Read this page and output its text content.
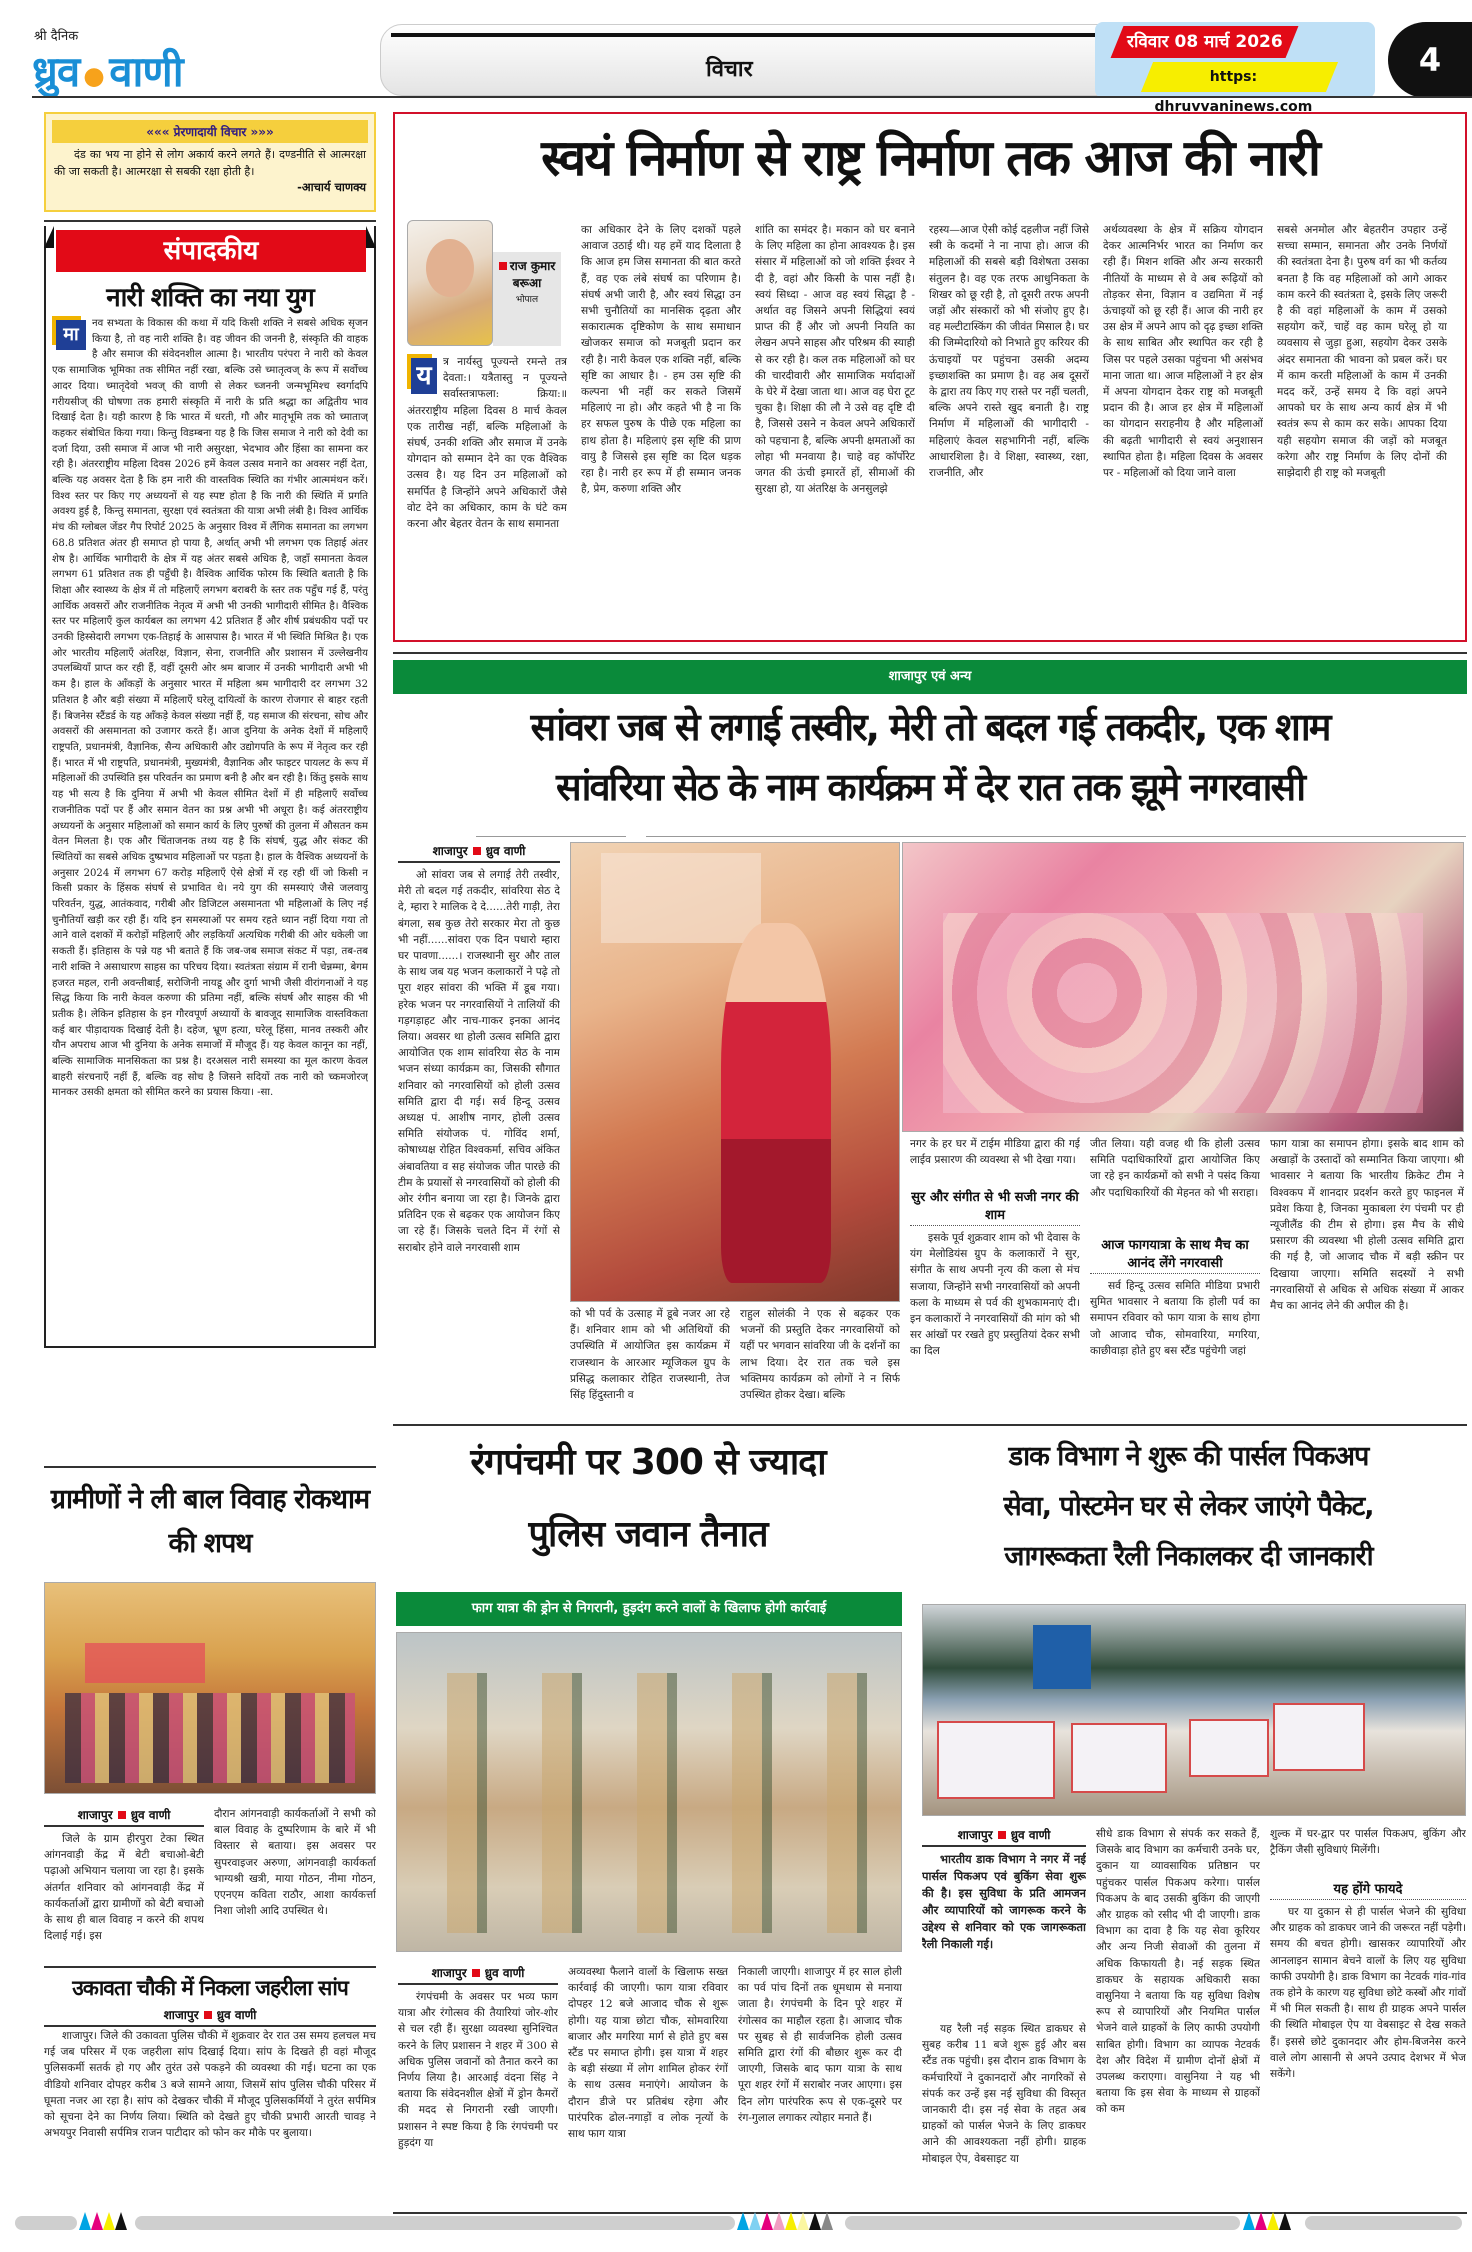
श्री दैनिक
ध्रुव वाणी	विचार
रविवार 08 मार्च 2026
https: dhruvvaninews.com
4
««« प्रेरणादायी विचार »»»
दंड का भय ना होने से लोग अकार्य करने लगते हैं। दण्डनीति से आत्मरक्षा की जा सकती है। आत्मरक्षा से सबकी रक्षा होती है।
-आचार्य चाणक्य
संपादकीय
नारी शक्ति का नया युग
मा
नव सभ्यता के विकास की कथा में यदि किसी शक्ति ने सबसे अधिक सृजन किया है, तो वह नारी शक्ति है। वह जीवन की जननी है, संस्कृति की वाहक है और समाज की संवेदनशील आत्मा है। भारतीय परंपरा ने नारी को केवल एक सामाजिक भूमिका तक सीमित नहीं रखा, बल्कि उसे च्मातृत्वज् के रूप में सर्वोच्च आदर दिया। च्मातृदेवो भवज् की वाणी से लेकर च्जननी जन्मभूमिश्च स्वर्गादपि गरीयसीज् की घोषणा तक हमारी संस्कृति में नारी के प्रति श्रद्धा का अद्वितीय भाव दिखाई देता है। यही कारण है कि भारत में धरती, गौ और मातृभूमि तक को च्माताज् कहकर संबोधित किया गया। किन्तु विडम्बना यह है कि जिस समाज ने नारी को देवी का दर्जा दिया, उसी समाज में आज भी नारी असुरक्षा, भेदभाव और हिंसा का सामना कर रही है। अंतरराष्ट्रीय महिला दिवस 2026 हमें केवल उत्सव मनाने का अवसर नहीं देता, बल्कि यह अवसर देता है कि हम नारी की वास्तविक स्थिति का गंभीर आत्ममंथन करें। विश्व स्तर पर किए गए अध्ययनों से यह स्पष्ट होता है कि नारी की स्थिति में प्रगति अवश्य हुई है, किन्तु समानता, सुरक्षा एवं स्वतंत्रता की यात्रा अभी लंबी है। विश्व आर्थिक मंच की ग्लोबल जेंडर गैप रिपोर्ट 2025 के अनुसार विश्व में लैंगिक समानता का लगभग 68.8 प्रतिशत अंतर ही समाप्त हो पाया है, अर्थात् अभी भी लगभग एक तिहाई अंतर शेष है। आर्थिक भागीदारी के क्षेत्र में यह अंतर सबसे अधिक है, जहाँ समानता केवल लगभग 61 प्रतिशत तक ही पहुँची है। वैश्विक आर्थिक फोरम कि स्थिति बताती है कि शिक्षा और स्वास्थ्य के क्षेत्र में तो महिलाएँ लगभग बराबरी के स्तर तक पहुँच गई हैं, परंतु आर्थिक अवसरों और राजनीतिक नेतृत्व में अभी भी उनकी भागीदारी सीमित है। वैश्विक स्तर पर महिलाएँ कुल कार्यबल का लगभग 42 प्रतिशत हैं और शीर्ष प्रबंधकीय पदों पर उनकी हिस्सेदारी लगभग एक-तिहाई के आसपास है। भारत में भी स्थिति मिश्रित है। एक ओर भारतीय महिलाएँ अंतरिक्ष, विज्ञान, सेना, राजनीति और प्रशासन में उल्लेखनीय उपलब्धियाँ प्राप्त कर रही हैं, वहीं दूसरी ओर श्रम बाजार में उनकी भागीदारी अभी भी कम है। हाल के आँकड़ों के अनुसार भारत में महिला श्रम भागीदारी दर लगभग 32 प्रतिशत है और बड़ी संख्या में महिलाएँ घरेलू दायित्वों के कारण रोजगार से बाहर रहती हैं। बिजनेस स्टैंडर्ड के यह आँकड़े केवल संख्या नहीं हैं, यह समाज की संरचना, सोच और अवसरों की असमानता को उजागर करते हैं। आज दुनिया के अनेक देशों में महिलाएँ राष्ट्रपति, प्रधानमंत्री, वैज्ञानिक, सैन्य अधिकारी और उद्योगपति के रूप में नेतृत्व कर रही हैं। भारत में भी राष्ट्रपति, प्रधानमंत्री, मुख्यमंत्री, वैज्ञानिक और फाइटर पायलट के रूप में महिलाओं की उपस्थिति इस परिवर्तन का प्रमाण बनी है और बन रही है। किंतु इसके साथ यह भी सत्य है कि दुनिया में अभी भी केवल सीमित देशों में ही महिलाएँ सर्वोच्च राजनीतिक पदों पर हैं और समान वेतन का प्रश्न अभी भी अधूरा है। कई अंतरराष्ट्रीय अध्ययनों के अनुसार महिलाओं को समान कार्य के लिए पुरुषों की तुलना में औसतन कम वेतन मिलता है। एक और चिंताजनक तथ्य यह है कि संघर्ष, युद्ध और संकट की स्थितियों का सबसे अधिक दुष्प्रभाव महिलाओं पर पड़ता है। हाल के वैश्विक अध्ययनों के अनुसार 2024 में लगभग 67 करोड़ महिलाएँ ऐसे क्षेत्रों में रह रही थीं जो किसी न किसी प्रकार के हिंसक संघर्ष से प्रभावित थे। नये युग की समस्याएं जैसे जलवायु परिवर्तन, युद्ध, आतंकवाद, गरीबी और डिजिटल असमानता भी महिलाओं के लिए नई चुनौतियाँ खड़ी कर रही हैं। यदि इन समस्याओं पर समय रहते ध्यान नहीं दिया गया तो आने वाले दशकों में करोड़ों महिलाएँ और लड़कियाँ अत्यधिक गरीबी की ओर धकेली जा सकती हैं। इतिहास के पन्ने यह भी बताते हैं कि जब-जब समाज संकट में पड़ा, तब-तब नारी शक्ति ने असाधारण साहस का परिचय दिया। स्वतंत्रता संग्राम में रानी चेन्नम्मा, बेगम हजरत महल, रानी अवन्तीबाई, सरोजिनी नायडू और दुर्गा भाभी जैसी वीरांगनाओं ने यह सिद्ध किया कि नारी केवल करुणा की प्रतिमा नहीं, बल्कि संघर्ष और साहस की भी प्रतीक है। लेकिन इतिहास के इन गौरवपूर्ण अध्यायों के बावजूद सामाजिक वास्तविकता कई बार पीड़ादायक दिखाई देती है। दहेज, भ्रूण हत्या, घरेलू हिंसा, मानव तस्करी और यौन अपराध आज भी दुनिया के अनेक समाजों में मौजूद हैं। यह केवल कानून का नहीं, बल्कि सामाजिक मानसिकता का प्रश्न है। दरअसल नारी समस्या का मूल कारण केवल बाहरी संरचनाएँ नहीं हैं, बल्कि वह सोच है जिसने सदियों तक नारी को च्कमजोरज् मानकर उसकी क्षमता को सीमित करने का प्रयास किया। -सा.
ग्रामीणों ने ली बाल विवाह रोकथाम की शपथ
शाजापुर ध्रुव वाणी

जिले के ग्राम हीरपुरा टेका स्थित आंगनवाड़ी केंद्र में बेटी बचाओ-बेटी पढ़ाओ अभियान चलाया जा रहा है। इसके अंतर्गत शनिवार को आंगनवाड़ी केंद्र में कार्यकर्ताओं द्वारा ग्रामीणों को बेटी बचाओ के साथ ही बाल विवाह न करने की शपथ दिलाई गई। इस

दौरान आंगनवाड़ी कार्यकर्ताओं ने सभी को बाल विवाह के दुष्परिणाम के बारे में भी विस्तार से बताया। इस अवसर पर सुपरवाइजर अरुणा, आंगनवाड़ी कार्यकर्ता भाग्यश्री खत्री, माया गोठन, नीमा गोठन, एएनएम कविता राठौर, आशा कार्यकर्त्ता निशा जोशी आदि उपस्थित थे।

उकावता चौकी में निकला जहरीला सांप
शाजापुर ध्रुव वाणी

शाजापुर। जिले की उकावता पुलिस चौकी में शुक्रवार देर रात उस समय हलचल मच गई जब परिसर में एक जहरीला सांप दिखाई दिया। सांप के दिखते ही वहां मौजूद पुलिसकर्मी सतर्क हो गए और तुरंत उसे पकड़ने की व्यवस्था की गई। घटना का एक वीडियो शनिवार दोपहर करीब 3 बजे सामने आया, जिसमें सांप पुलिस चौकी परिसर में घूमता नजर आ रहा है। सांप को देखकर चौकी में मौजूद पुलिसकर्मियों ने तुरंत सर्पमित्र को सूचना देने का निर्णय लिया। स्थिति को देखते हुए चौकी प्रभारी आरती चावड़ ने अभयपुर निवासी सर्पमित्र राजन पाटीदार को फोन कर मौके पर बुलाया।

स्वयं निर्माण से राष्ट्र निर्माण तक आज की नारी
राज कुमार बरूआ
भोपाल
य	त्र नार्यस्तु पूज्यन्ते रमन्ते तत्र देवता:। यत्रैतास्तु न पूज्यन्ते सर्वास्तत्राफला: क्रिया:॥ अंतरराष्ट्रीय महिला दिवस 8 मार्च केवल एक तारीख नहीं, बल्कि महिलाओं के संघर्ष, उनकी शक्ति और समाज में उनके योगदान को सम्मान देने का एक वैश्विक उत्सव है। यह दिन उन महिलाओं को समर्पित है जिन्होंने अपने अधिकारों जैसे वोट देने का अधिकार, काम के घंटे कम करना और बेहतर वेतन के साथ समानता

का अधिकार देने के लिए दशकों पहले आवाज उठाई थी। यह हमें याद दिलाता है कि आज हम जिस समानता की बात करते हैं, वह एक लंबे संघर्ष का परिणाम है। संघर्ष अभी जारी है, और स्वयं सिद्धा उन सभी चुनौतियों का मानसिक दृढ़ता और सकारात्मक दृष्टिकोण के साथ समाधान खोजकर समाज को मजबूती प्रदान कर रही है। नारी केवल एक शक्ति नहीं, बल्कि सृष्टि का आधार है। - हम उस सृष्टि की कल्पना भी नहीं कर सकते जिसमें महिलाएं ना हो। और कहते भी है ना कि हर सफल पुरुष के पीछे एक महिला का हाथ होता है। महिलाएं इस सृष्टि की प्राण वायु है जिससे इस सृष्टि का दिल धड़क रहा है। नारी हर रूप में ही सम्मान जनक है, प्रेम, करुणा शक्ति और

शांति का समंदर है। मकान को घर बनाने के लिए महिला का होना आवश्यक है। इस संसार में महिलाओं को जो शक्ति ईश्वर ने दी है, वहां और किसी के पास नहीं है। स्वयं सिध्दा - आज वह स्वयं सिद्धा है - अर्थात वह जिसने अपनी सिद्धियां स्वयं प्राप्त की हैं और जो अपनी नियति का लेखन अपने साहस और परिश्रम की स्याही से कर रही है। कल तक महिलाओं को घर की चारदीवारी और सामाजिक मर्यादाओं के घेरे में देखा जाता था। आज वह घेरा टूट चुका है। शिक्षा की लौ ने उसे वह दृष्टि दी है, जिससे उसने न केवल अपने अधिकारों को पहचाना है, बल्कि अपनी क्षमताओं का लोहा भी मनवाया है। चाहे वह कॉर्पोरेट जगत की ऊंची इमारतें हों, सीमाओं की सुरक्षा हो, या अंतरिक्ष के अनसुलझे

रहस्य—आज ऐसी कोई दहलीज नहीं जिसे स्त्री के कदमों ने ना नापा हो। आज की महिलाओं की सबसे बड़ी विशेषता उसका संतुलन है। वह एक तरफ आधुनिकता के शिखर को छू रही है, तो दूसरी तरफ अपनी जड़ों और संस्कारों को भी संजोए हुए है। वह मल्टीटास्किंग की जीवंत मिसाल है। घर की जिम्मेदारियो को निभाते हुए करियर की ऊंचाइयों पर पहुंचना उसकी अदम्य इच्छाशक्ति का प्रमाण है। वह अब दूसरों के द्वारा तय किए गए रास्ते पर नहीं चलती, बल्कि अपने रास्ते खुद बनाती है। राष्ट्र निर्माण में महिलाओं की भागीदारी - महिलाएं केवल सहभागिनी नहीं, बल्कि आधारशिला है। वे शिक्षा, स्वास्थ्य, रक्षा, राजनीति, और

अर्थव्यवस्था के क्षेत्र में सक्रिय योगदान देकर आत्मनिर्भर भारत का निर्माण कर रही हैं। मिशन शक्ति और अन्य सरकारी नीतियों के माध्यम से वे अब रूढ़ियों को तोड़कर सेना, विज्ञान व उद्यमिता में नई ऊंचाइयों को छू रही हैं। आज की नारी हर उस क्षेत्र में अपने आप को दृढ़ इच्छा शक्ति के साथ साबित और स्थापित कर रही है जिस पर पहले उसका पहुंचना भी असंभव माना जाता था। आज महिलाओं ने हर क्षेत्र में अपना योगदान देकर राष्ट्र को मजबूती प्रदान की है। आज हर क्षेत्र में महिलाओं का योगदान सराहनीय है और महिलाओं की बढ़ती भागीदारी से स्वयं अनुशासन स्थापित होता है। महिला दिवस के अवसर पर - महिलाओं को दिया जाने वाला

सबसे अनमोल और बेहतरीन उपहार उन्हें सच्चा सम्मान, समानता और उनके निर्णयों की स्वतंत्रता देना है। पुरुष वर्ग का भी कर्तव्य बनता है कि वह महिलाओं को आगे आकर काम करने की स्वतंत्रता दे, इसके लिए जरूरी है की वहां महिलाओं के काम में उसको सहयोग करें, चाहें वह काम घरेलू हो या व्यवसाय से जुड़ा हुआ, सहयोग देकर उसके अंदर समानता की भावना को प्रबल करें। घर में काम करती महिलाओं के काम में उनकी मदद करें, उन्हें समय दे कि वहां अपने आपको घर के साथ अन्य कार्य क्षेत्र में भी स्वतंत्र रूप से काम कर सके। आपका दिया यही सहयोग समाज की जड़ों को मजबूत करेगा और राष्ट्र निर्माण के लिए दोनों की साझेदारी ही राष्ट्र को मजबूती

शाजापुर एवं अन्य
सांवरा जब से लगाई तस्वीर, मेरी तो बदल गई तकदीर, एक शाम
सांवरिया सेठ के नाम कार्यक्रम में देर रात तक झूमे नगरवासी
शाजापुर ध्रुव वाणी

ओ सांवरा जब से लगाई तेरी तस्वीर, मेरी तो बदल गई तकदीर, सांवरिया सेठ दे दे, म्हारा रे मालिक दे दे......तेरी गाड़ी, तेरा बंगला, सब कुछ तेरो सरकार मेरा तो कुछ भी नहीं......सांवरा एक दिन पधारो म्हारा घर पावणा......। राजस्थानी सुर और ताल के साथ जब यह भजन कलाकारों ने पढ़े तो पूरा शहर सांवरा की भक्ति में डूब गया। हरेक भजन पर नगरवासियों ने तालियों की गड़गड़ाहट और नाच-गाकर इनका आनंद लिया। अवसर था होली उत्सव समिति द्वारा आयोजित एक शाम सांवरिया सेठ के नाम भजन संध्या कार्यक्रम का, जिसकी सौगात शनिवार को नगरवासियों को होली उत्सव समिति द्वारा दी गई। सर्व हिन्दू उत्सव अध्यक्ष पं. आशीष नागर, होली उत्सव समिति संयोजक पं. गोविंद शर्मा, कोषाध्यक्ष रोहित विश्वकर्मा, सचिव अंकित अंबावतिया व सह संयोजक जीत पारछे की टीम के प्रयासों से नगरवासियों को होली की ओर रंगीन बनाया जा रहा है। जिनके द्वारा प्रतिदिन एक से बढ़कर एक आयोजन किए जा रहे हैं। जिसके चलते दिन में रंगों से सराबोर होने वाले नगरवासी शाम

को भी पर्व के उत्साह में डूबे नजर आ रहे हैं। शनिवार शाम को भी अतिथियों की उपस्थिति में आयोजित इस कार्यक्रम में राजस्थान के आरआर म्यूजिकल ग्रुप के प्रसिद्ध कलाकार रोहित राजस्थानी, तेज सिंह हिंदुस्तानी व

राहुल सोलंकी ने एक से बढ़कर एक भजनों की प्रस्तुति देकर नगरवासियों को यहीं पर भगवान सांवरिया जी के दर्शनों का लाभ दिया। देर रात तक चले इस भक्तिमय कार्यक्रम को लोगों ने न सिर्फ उपस्थित होकर देखा। बल्कि

नगर के हर घर में टाईम मीडिया द्वारा की गई लाईव प्रसारण की व्यवस्था से भी देखा गया।
सुर और संगीत से भी सजी नगर की शाम

इसके पूर्व शुक्रवार शाम को भी देवास के यंग मेलोडियंस ग्रुप के कलाकारों ने सुर, संगीत के साथ अपनी नृत्य की कला से मंच सजाया, जिन्होंने सभी नगरवासियों को अपनी कला के माध्यम से पर्व की शुभकामनाएं दी। इन कलाकारों ने नगरवासियों की मांग को भी सर आंखों पर रखते हुए प्रस्तुतियां देकर सभी का दिल

जीत लिया। यही वजह थी कि होली उत्सव समिति पदाधिकारियों द्वारा आयोजित किए जा रहे इन कार्यक्रमों को सभी ने पसंद किया और पदाधिकारियों की मेहनत को भी सराहा।
आज फागयात्रा के साथ मैच का आनंद लेंगे नगरवासी

सर्व हिन्दू उत्सव समिति मीडिया प्रभारी सुमित भावसार ने बताया कि होली पर्व का समापन रविवार को फाग यात्रा के साथ होगा जो आजाद चौक, सोमवारिया, मगरिया, काछीवाड़ा होते हुए बस स्टैंड पहुंचेगी जहां

फाग यात्रा का समापन होगा। इसके बाद शाम को अखाड़ों के उस्तादों को सम्मानित किया जाएगा। श्री भावसार ने बताया कि भारतीय क्रिकेट टीम ने विश्वकप में शानदार प्रदर्शन करते हुए फाइनल में प्रवेश किया है, जिनका मुकाबला रंग पंचमी पर ही न्यूजीलैंड की टीम से होगा। इस मैच के सीधे प्रसारण की व्यवस्था भी होली उत्सव समिति द्वारा की गई है, जो आजाद चौक में बड़ी स्क्रीन पर दिखाया जाएगा। समिति सदस्यों ने सभी नगरवासियों से अधिक से अधिक संख्या में आकर मैच का आनंद लेने की अपील की है।

रंगपंचमी पर 300 से ज्यादा
पुलिस जवान तैनात
फाग यात्रा की ड्रोन से निगरानी, हुड़दंग करने वालों के खिलाफ होगी कार्रवाई
शाजापुर ध्रुव वाणी

रंगपंचमी के अवसर पर भव्य फाग यात्रा और रंगोत्सव की तैयारियां जोर-शोर से चल रही हैं। सुरक्षा व्यवस्था सुनिश्चित करने के लिए प्रशासन ने शहर में 300 से अधिक पुलिस जवानों को तैनात करने का निर्णय लिया है। आरआई वंदना सिंह ने बताया कि संवेदनशील क्षेत्रों में ड्रोन कैमरों की मदद से निगरानी रखी जाएगी। प्रशासन ने स्पष्ट किया है कि रंगपंचमी पर हुड़दंग या

अव्यवस्था फैलाने वालों के खिलाफ सख्त कार्रवाई की जाएगी। फाग यात्रा रविवार दोपहर 12 बजे आजाद चौक से शुरू होगी। यह यात्रा छोटा चौक, सोमवारिया बाजार और मगरिया मार्ग से होते हुए बस स्टैंड पर समाप्त होगी। इस यात्रा में शहर के बड़ी संख्या में लोग शामिल होकर रंगों के साथ उत्सव मनाएंगे। आयोजन के दौरान डीजे पर प्रतिबंध रहेगा और पारंपरिक ढोल-नगाड़ों व लोक नृत्यों के साथ फाग यात्रा

निकाली जाएगी। शाजापुर में हर साल होली का पर्व पांच दिनों तक धूमधाम से मनाया जाता है। रंगपंचमी के दिन पूरे शहर में रंगोत्सव का माहौल रहता है। आजाद चौक पर सुबह से ही सार्वजनिक होली उत्सव समिति द्वारा रंगों की बौछार शुरू कर दी जाएगी, जिसके बाद फाग यात्रा के साथ पूरा शहर रंगों में सराबोर नजर आएगा। इस दिन लोग पारंपरिक रूप से एक-दूसरे पर रंग-गुलाल लगाकर त्योहार मनाते हैं।

डाक विभाग ने शुरू की पार्सल पिकअप
सेवा, पोस्टमेन घर से लेकर जाएंगे पैकेट,
जागरूकता रैली निकालकर दी जानकारी
शाजापुर ध्रुव वाणी

भारतीय डाक विभाग ने नगर में नई पार्सल पिकअप एवं बुकिंग सेवा शुरू की है। इस सुविधा के प्रति आमजन और व्यापारियों को जागरूक करने के उद्देश्य से शनिवार को एक जागरूकता रैली निकाली गई।

यह रैली नई सड़क स्थित डाकघर से सुबह करीब 11 बजे शुरू हुई और बस स्टैंड तक पहुंची। इस दौरान डाक विभाग के कर्मचारियों ने दुकानदारों और नागरिकों से संपर्क कर उन्हें इस नई सुविधा की विस्तृत जानकारी दी। इस नई सेवा के तहत अब ग्राहकों को पार्सल भेजने के लिए डाकघर आने की आवश्यकता नहीं होगी। ग्राहक मोबाइल ऐप, वेबसाइट या

सीधे डाक विभाग से संपर्क कर सकते हैं, जिसके बाद विभाग का कर्मचारी उनके घर, दुकान या व्यावसायिक प्रतिष्ठान पर पहुंचकर पार्सल पिकअप करेगा। पार्सल पिकअप के बाद उसकी बुकिंग की जाएगी और ग्राहक को रसीद भी दी जाएगी। डाक विभाग का दावा है कि यह सेवा कूरियर और अन्य निजी सेवाओं की तुलना में अधिक किफायती है। नई सड़क स्थित डाकघर के सहायक अधिकारी सका वासुनिया ने बताया कि यह सुविधा विशेष रूप से व्यापारियों और नियमित पार्सल भेजने वाले ग्राहकों के लिए काफी उपयोगी साबित होगी। विभाग का व्यापक नेटवर्क देश और विदेश में ग्रामीण दोनों क्षेत्रों में उपलब्ध कराएगा। वासुनिया ने यह भी बताया कि इस सेवा के माध्यम से ग्राहकों को कम

शुल्क में घर-द्वार पर पार्सल पिकअप, बुकिंग और ट्रैकिंग जैसी सुविधाएं मिलेंगी।
यह होंगे फायदे

घर या दुकान से ही पार्सल भेजने की सुविधा और ग्राहक को डाकघर जाने की जरूरत नहीं पड़ेगी। समय की बचत होगी। खासकर व्यापारियों और आनलाइन सामान बेचने वालों के लिए यह सुविधा काफी उपयोगी है। डाक विभाग का नेटवर्क गांव-गांव तक होने के कारण यह सुविधा छोटे कस्बों और गांवों में भी मिल सकती है। साथ ही ग्राहक अपने पार्सल की स्थिति मोबाइल ऐप या वेबसाइट से देख सकते हैं। इससे छोटे दुकानदार और होम-बिजनेस करने वाले लोग आसानी से अपने उत्पाद देशभर में भेज सकेंगे।
